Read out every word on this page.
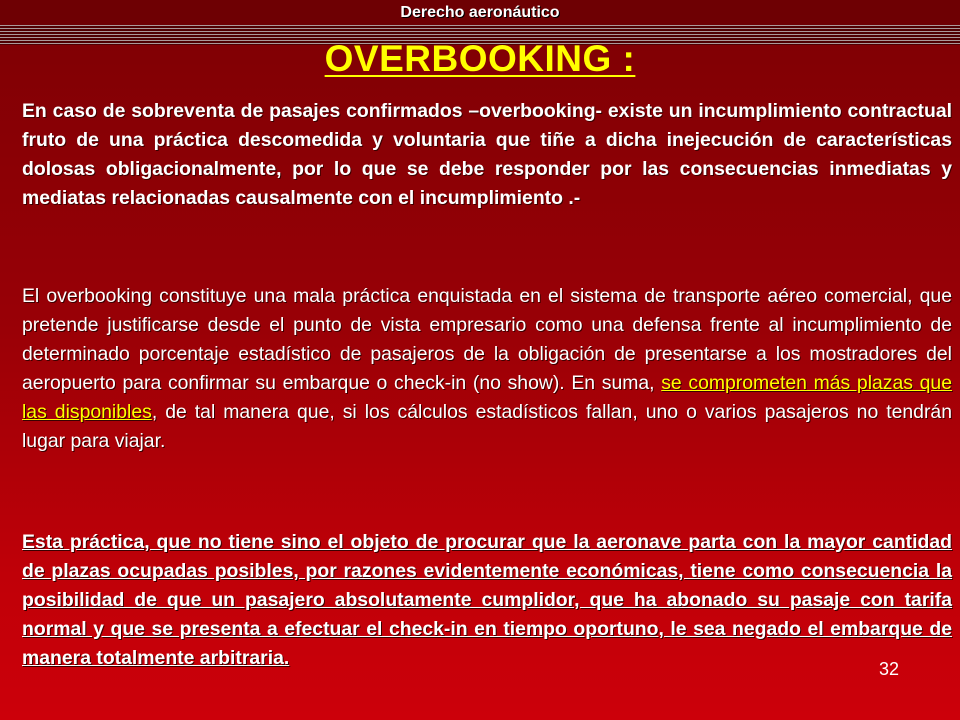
Derecho aeronáutico
OVERBOOKING :

En caso de sobreventa de pasajes confirmados –overbooking- existe un incumplimiento contractual fruto de una práctica descomedida y voluntaria que tiñe a dicha inejecución de características dolosas obligacionalmente, por lo que se debe responder por las consecuencias inmediatas y mediatas relacionadas causalmente con el incumplimiento .-

El overbooking constituye una mala práctica enquistada en el sistema de transporte aéreo comercial, que pretende justificarse desde el punto de vista empresario como una defensa frente al incumplimiento de determinado porcentaje estadístico de pasajeros de la obligación de presentarse a los mostradores del aeropuerto para confirmar su embarque o check-in (no show). En suma, se comprometen más plazas que las disponibles, de tal manera que, si los cálculos estadísticos fallan, uno o varios pasajeros no tendrán lugar para viajar.

Esta práctica, que no tiene sino el objeto de procurar que la aeronave parta con la mayor cantidad de plazas ocupadas posibles, por razones evidentemente económicas, tiene como consecuencia la posibilidad de que un pasajero absolutamente cumplidor, que ha abonado su pasaje con tarifa normal y que se presenta a efectuar el check-in en tiempo oportuno, le sea negado el embarque de manera totalmente arbitraria.	32
